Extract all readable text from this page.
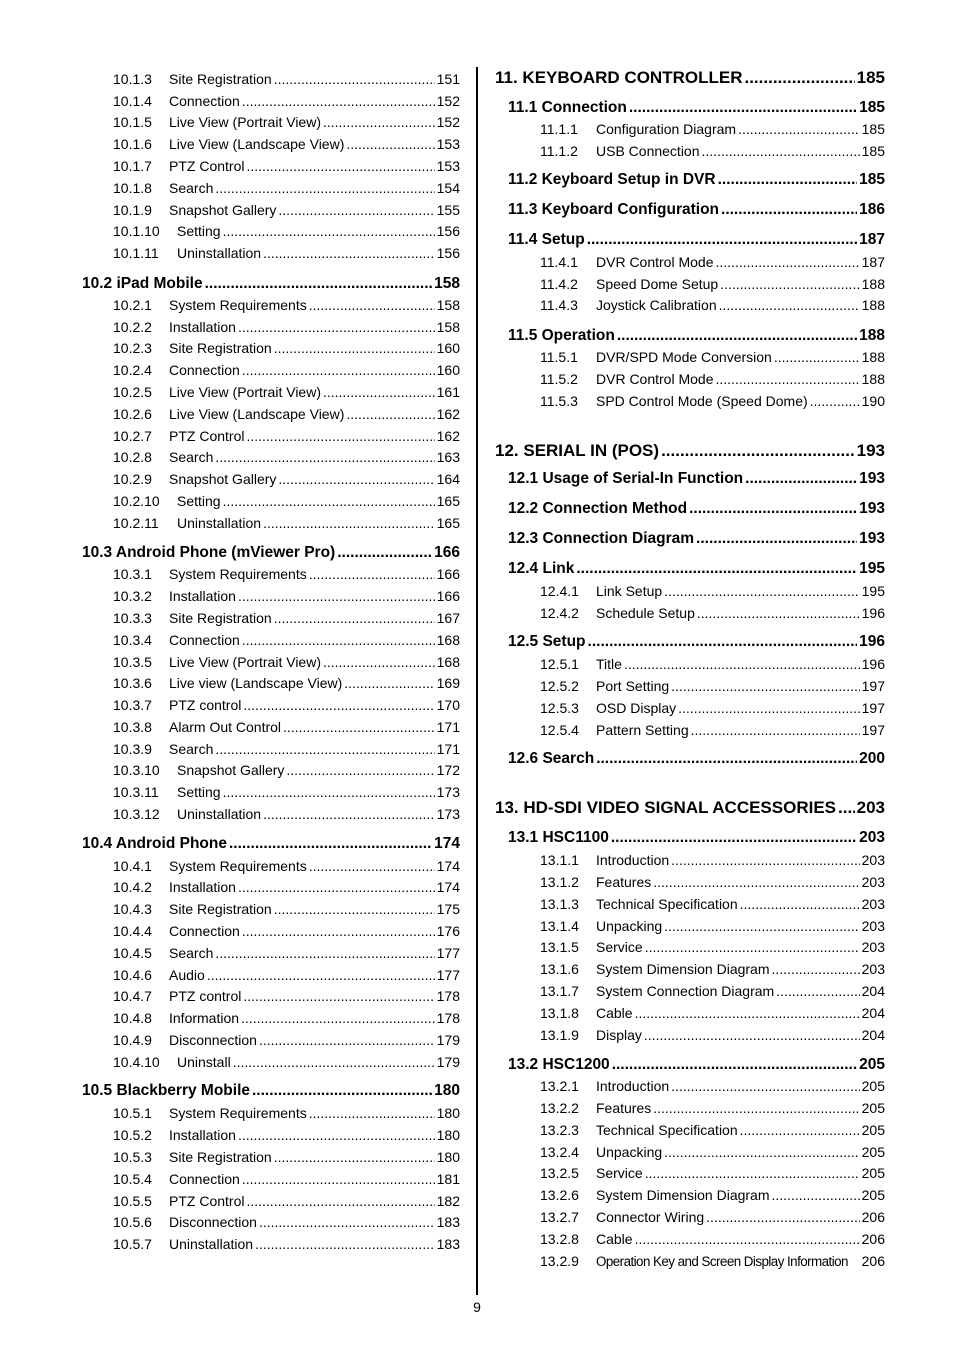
10.1.3	Site Registration .....	151
10.1.4	Connection .....	152
10.1.5	Live View (Portrait View) .....	152
10.1.6	Live View (Landscape View) .....	153
10.1.7	PTZ Control .....	153
10.1.8	Search .....	154
10.1.9	Snapshot Gallery .....	155
10.1.10	Setting .....	156
10.1.11	Uninstallation .....	156
10.2 iPad Mobile .....	158
10.2.1	System Requirements .....	158
10.2.2	Installation .....	158
10.2.3	Site Registration .....	160
10.2.4	Connection .....	160
10.2.5	Live View (Portrait View) .....	161
10.2.6	Live View (Landscape View) .....	162
10.2.7	PTZ Control .....	162
10.2.8	Search .....	163
10.2.9	Snapshot Gallery .....	164
10.2.10	Setting .....	165
10.2.11	Uninstallation .....	165
10.3 Android Phone (mViewer Pro) .....	166
10.3.1	System Requirements .....	166
10.3.2	Installation .....	166
10.3.3	Site Registration .....	167
10.3.4	Connection .....	168
10.3.5	Live View (Portrait View) .....	168
10.3.6	Live view (Landscape View) .....	169
10.3.7	PTZ control .....	170
10.3.8	Alarm Out Control .....	171
10.3.9	Search .....	171
10.3.10	Snapshot Gallery .....	172
10.3.11	Setting .....	173
10.3.12	Uninstallation .....	173
10.4 Android Phone .....	174
10.4.1	System Requirements .....	174
10.4.2	Installation .....	174
10.4.3	Site Registration .....	175
10.4.4	Connection .....	176
10.4.5	Search .....	177
10.4.6	Audio .....	177
10.4.7	PTZ control .....	178
10.4.8	Information .....	178
10.4.9	Disconnection .....	179
10.4.10	Uninstall .....	179
10.5 Blackberry Mobile .....	180
10.5.1	System Requirements .....	180
10.5.2	Installation .....	180
10.5.3	Site Registration .....	180
10.5.4	Connection .....	181
10.5.5	PTZ Control .....	182
10.5.6	Disconnection .....	183
10.5.7	Uninstallation .....	183
11. KEYBOARD CONTROLLER .....	185
11.1 Connection .....	185
11.1.1	Configuration Diagram .....	185
11.1.2	USB Connection .....	185
11.2 Keyboard Setup in DVR .....	185
11.3 Keyboard Configuration .....	186
11.4 Setup .....	187
11.4.1	DVR Control Mode .....	187
11.4.2	Speed Dome Setup .....	188
11.4.3	Joystick Calibration .....	188
11.5 Operation .....	188
11.5.1	DVR/SPD Mode Conversion .....	188
11.5.2	DVR Control Mode .....	188
11.5.3	SPD Control Mode (Speed Dome) .....	190
12. SERIAL IN (POS) .....	193
12.1 Usage of Serial-In Function .....	193
12.2 Connection Method .....	193
12.3 Connection Diagram .....	193
12.4 Link .....	195
12.4.1	Link Setup .....	195
12.4.2	Schedule Setup .....	196
12.5 Setup .....	196
12.5.1	Title .....	196
12.5.2	Port Setting .....	197
12.5.3	OSD Display .....	197
12.5.4	Pattern Setting .....	197
12.6 Search .....	200
13. HD-SDI VIDEO SIGNAL ACCESSORIES ..... 203
13.1 HSC1100 .....	203
13.1.1	Introduction .....	203
13.1.2	Features .....	203
13.1.3	Technical Specification .....	203
13.1.4	Unpacking .....	203
13.1.5	Service .....	203
13.1.6	System Dimension Diagram .....	203
13.1.7	System Connection Diagram .....	204
13.1.8	Cable .....	204
13.1.9	Display .....	204
13.2 HSC1200 .....	205
13.2.1	Introduction .....	205
13.2.2	Features .....	205
13.2.3	Technical Specification .....	205
13.2.4	Unpacking .....	205
13.2.5	Service .....	205
13.2.6	System Dimension Diagram .....	205
13.2.7	Connector Wiring .....	206
13.2.8	Cable .....	206
13.2.9	Operation Key and Screen Display Information 206
9
